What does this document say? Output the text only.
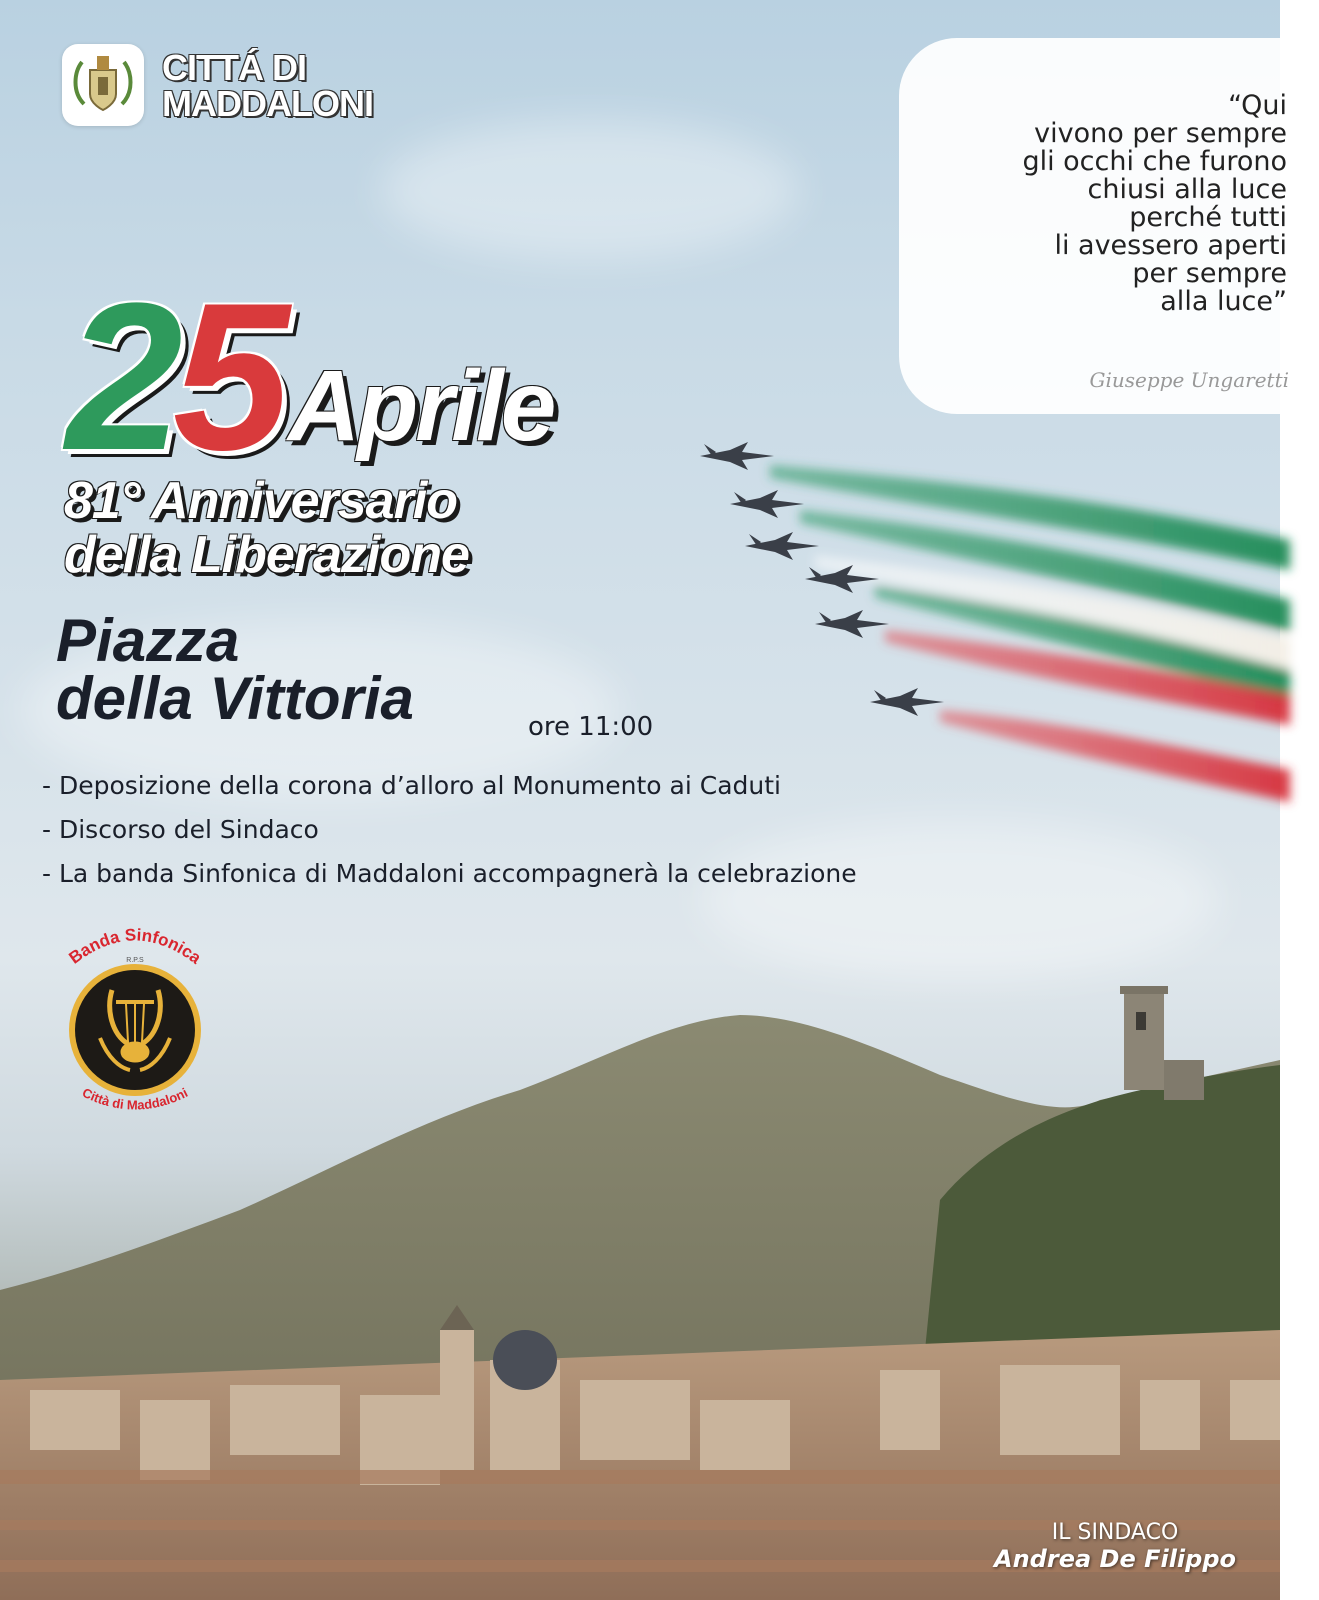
CITTÁ DI
MADDALONI	“Qui
vivono per sempre
gli occhi che furono
chiusi alla luce
perché tutti
li avessero aperti
per sempre
alla luce”
Giuseppe Ungaretti
25 Aprile
81° Anniversario
della Liberazione
Piazza
della Vittoria	ore 11:00
- Deposizione della corona d’alloro al Monumento ai Caduti
- Discorso del Sindaco
- La banda Sinfonica di Maddaloni accompagnerà la celebrazione
Banda Sinfonica
R.P.S
Città di Maddaloni
IL SINDACO
Andrea De Filippo
